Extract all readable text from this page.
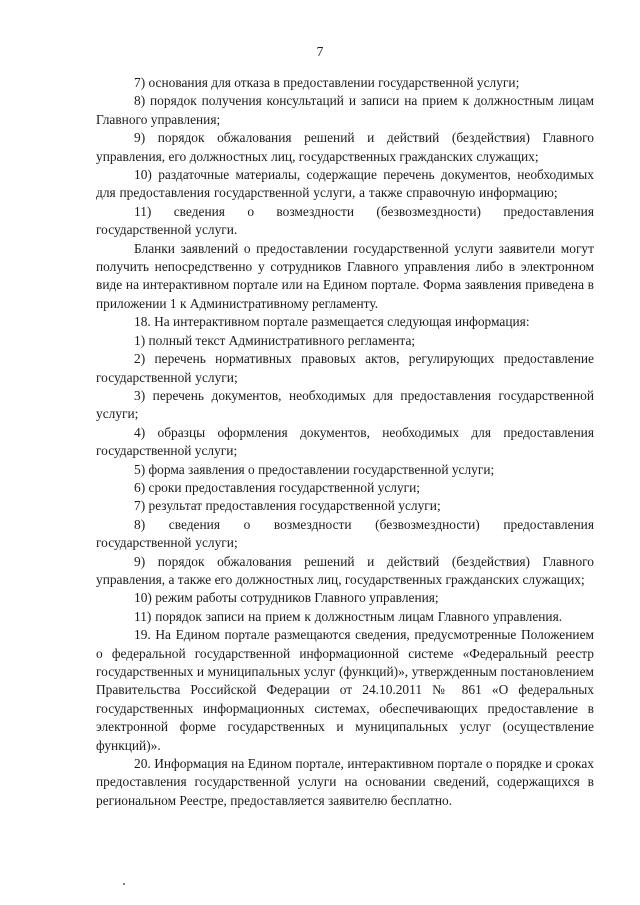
7

7) основания для отказа в предоставлении государственной услуги;

8) порядок получения консультаций и записи на прием к должностным лицам Главного управления;

9) порядок обжалования решений и действий (бездействия) Главного управления, его должностных лиц, государственных гражданских служащих;

10) раздаточные материалы, содержащие перечень документов, необходимых для предоставления государственной услуги, а также справочную информацию;

11) сведения о возмездности (безвозмездности) предоставления государственной услуги.

Бланки заявлений о предоставлении государственной услуги заявители могут получить непосредственно у сотрудников Главного управления либо в электронном виде на интерактивном портале или на Едином портале. Форма заявления приведена в приложении 1 к Административному регламенту.

18. На интерактивном портале размещается следующая информация:

1) полный текст Административного регламента;

2) перечень нормативных правовых актов, регулирующих предоставление государственной услуги;

3) перечень документов, необходимых для предоставления государственной услуги;

4) образцы оформления документов, необходимых для предоставления государственной услуги;

5) форма заявления о предоставлении государственной услуги;

6) сроки предоставления государственной услуги;

7) результат предоставления государственной услуги;

8) сведения о возмездности (безвозмездности) предоставления государственной услуги;

9) порядок обжалования решений и действий (бездействия) Главного управления, а также его должностных лиц, государственных гражданских служащих;

10) режим работы сотрудников Главного управления;

11) порядок записи на прием к должностным лицам Главного управления.

19. На Едином портале размещаются сведения, предусмотренные Положением о федеральной государственной информационной системе «Федеральный реестр государственных и муниципальных услуг (функций)», утвержденным постановлением Правительства Российской Федерации от 24.10.2011 № 861 «О федеральных государственных информационных системах, обеспечивающих предоставление в электронной форме государственных и муниципальных услуг (осуществление функций)».

20. Информация на Едином портале, интерактивном портале о порядке и сроках предоставления государственной услуги на основании сведений, содержащихся в региональном Реестре, предоставляется заявителю бесплатно.
